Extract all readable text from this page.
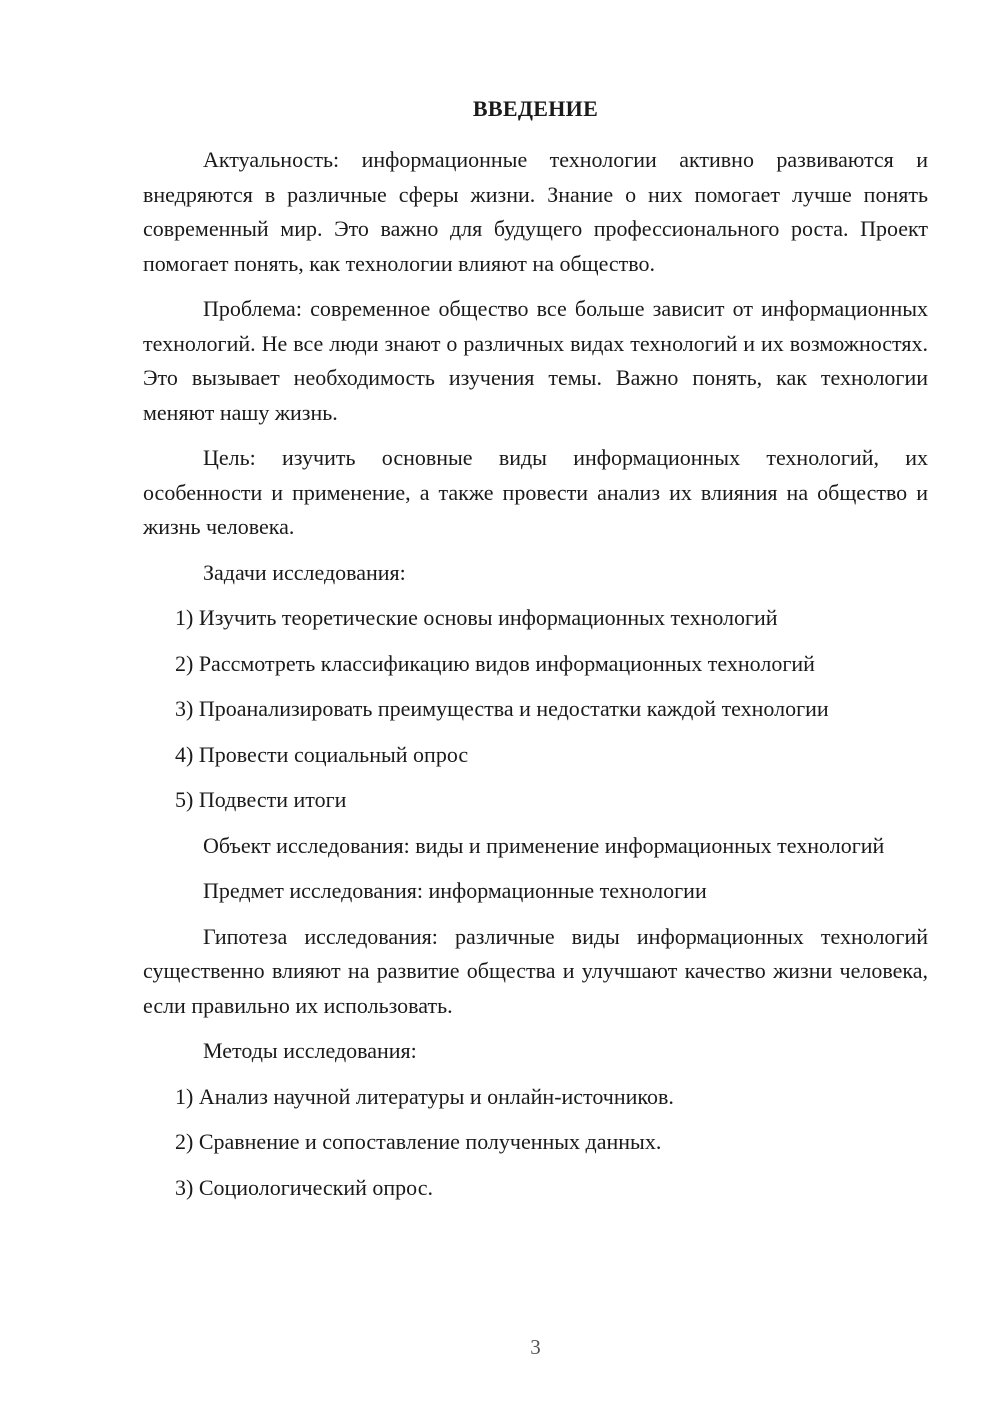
ВВЕДЕНИЕ

Актуальность: информационные технологии активно развиваются и внедряются в различные сферы жизни. Знание о них помогает лучше понять современный мир. Это важно для будущего профессионального роста. Проект помогает понять, как технологии влияют на общество.

Проблема: современное общество все больше зависит от информационных технологий. Не все люди знают о различных видах технологий и их возможностях. Это вызывает необходимость изучения темы. Важно понять, как технологии меняют нашу жизнь.

Цель: изучить основные виды информационных технологий, их особенности и применение, а также провести анализ их влияния на общество и жизнь человека.

Задачи исследования:

1) Изучить теоретические основы информационных технологий

2) Рассмотреть классификацию видов информационных технологий

3) Проанализировать преимущества и недостатки каждой технологии

4) Провести социальный опрос

5) Подвести итоги

Объект исследования: виды и применение информационных технологий

Предмет исследования: информационные технологии

Гипотеза исследования: различные виды информационных технологий существенно влияют на развитие общества и улучшают качество жизни человека, если правильно их использовать.

Методы исследования:

1) Анализ научной литературы и онлайн-источников.

2) Сравнение и сопоставление полученных данных.

3) Социологический опрос.

3
